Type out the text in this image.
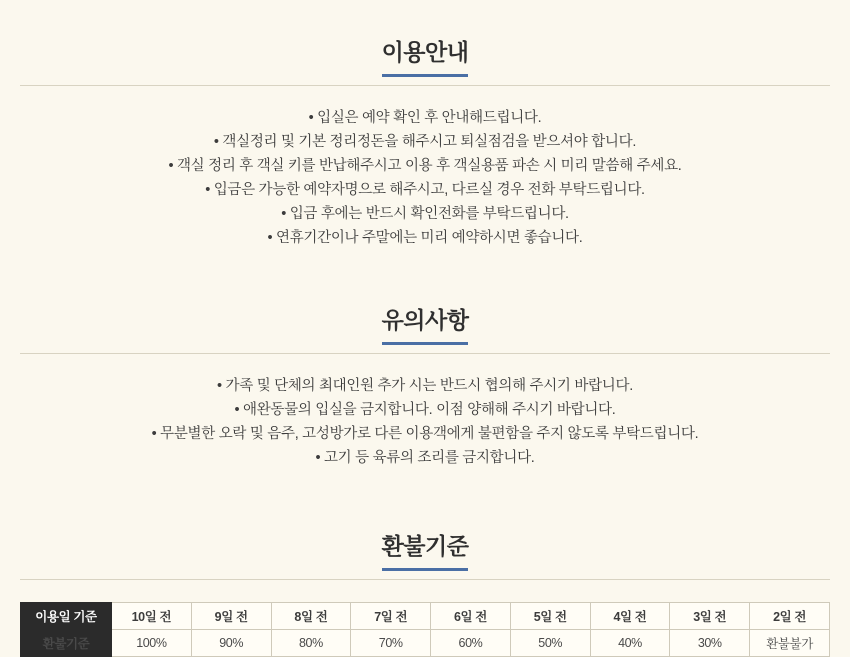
이용안내
• 입실은 예약 확인 후 안내해드립니다.
• 객실정리 및 기본 정리정돈을 해주시고 퇴실점검을 받으셔야 합니다.
• 객실 정리 후 객실 키를 반납해주시고 이용 후 객실용품 파손 시 미리 말씀해 주세요.
• 입금은 가능한 예약자명으로 해주시고, 다르실 경우 전화 부탁드립니다.
• 입금 후에는 반드시 확인전화를 부탁드립니다.
• 연휴기간이나 주말에는 미리 예약하시면 좋습니다.
유의사항
• 가족 및 단체의 최대인원 추가 시는 반드시 협의해 주시기 바랍니다.
• 애완동물의 입실을 금지합니다. 이점 양해해 주시기 바랍니다.
• 무분별한 오락 및 음주, 고성방가로 다른 이용객에게 불편함을 주지 않도록 부탁드립니다.
• 고기 등 육류의 조리를 금지합니다.
환불기준
이용일 기준	10일 전	9일 전	8일 전	7일 전	6일 전	5일 전	4일 전	3일 전	2일 전
환불기준	100%	90%	80%	70%	60%	50%	40%	30%	환불불가
